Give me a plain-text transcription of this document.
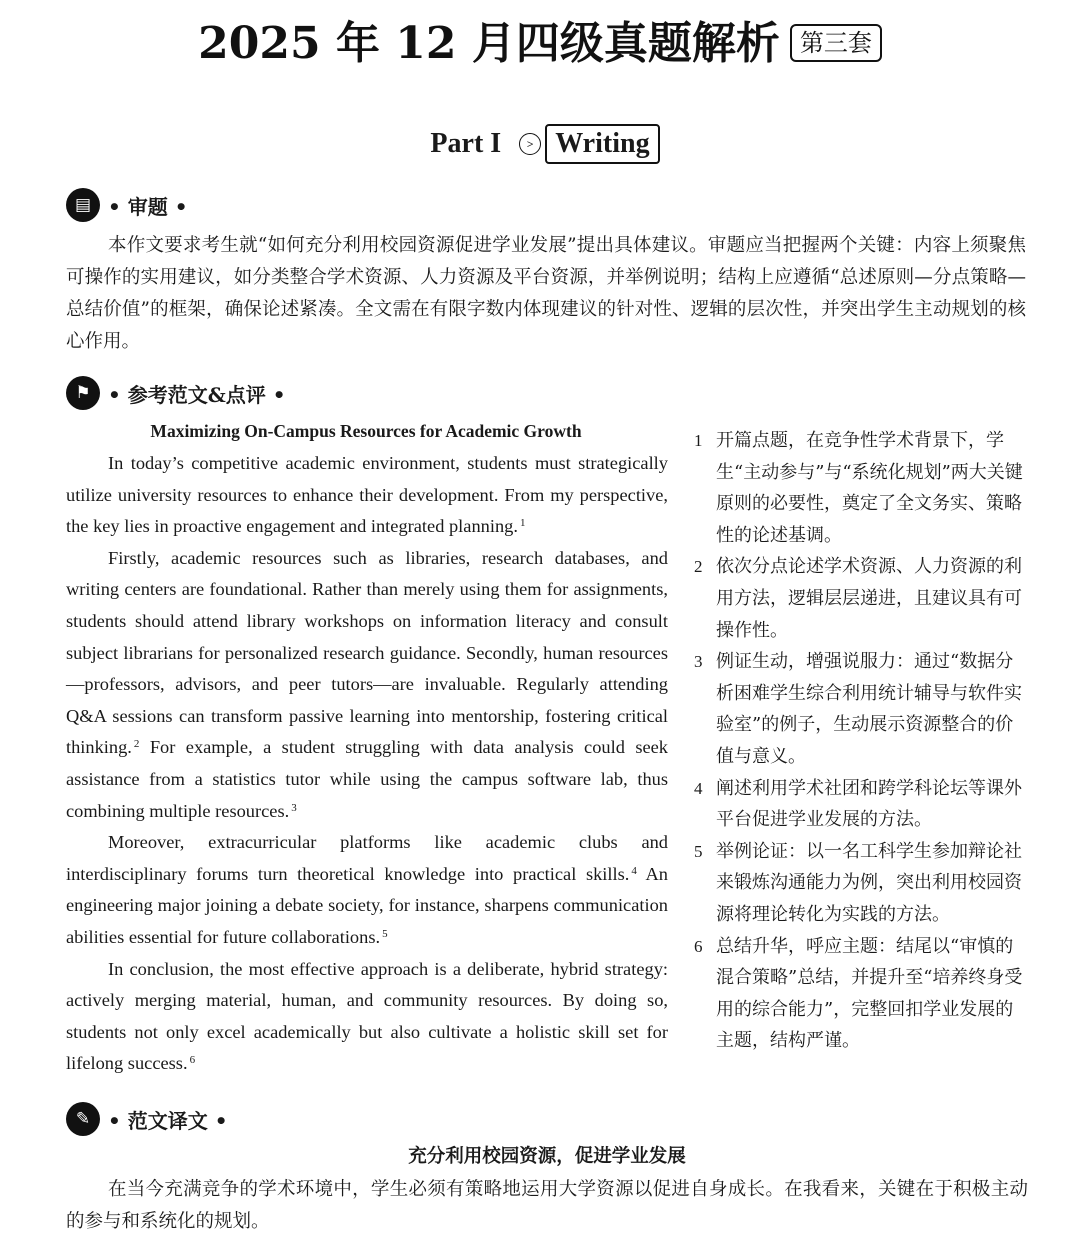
2025 年 12 月四级真题解析 第三套
Part I > Writing
▤ • 审题 •
本作文要求考生就“如何充分利用校园资源促进学业发展”提出具体建议。审题应当把握两个关键：内容上须聚焦可操作的实用建议，如分类整合学术资源、人力资源及平台资源，并举例说明；结构上应遵循“总述原则—分点策略—总结价值”的框架，确保论述紧凑。全文需在有限字数内体现建议的针对性、逻辑的层次性，并突出学生主动规划的核心作用。
⚑ • 参考范文&点评 •
Maximizing On-Campus Resources for Academic Growth

In today’s competitive academic environment, students must strategically utilize university resources to enhance their development. From my perspective, the key lies in proactive engagement and integrated planning. $^1$

Firstly, academic resources such as libraries, research databases, and writing centers are foundational. Rather than merely using them for assignments, students should attend library workshops on information literacy and consult subject librarians for personalized research guidance. Secondly, human resources—professors, advisors, and peer tutors—are invaluable. Regularly attending Q&A sessions can transform passive learning into mentorship, fostering critical thinking. $^2$ For example, a student struggling with data analysis could seek assistance from a statistics tutor while using the campus software lab, thus combining multiple resources. $^3$

Moreover, extracurricular platforms like academic clubs and interdisciplinary forums turn theoretical knowledge into practical skills. $^4$ An engineering major joining a debate society, for instance, sharpens communication abilities essential for future collaborations. $^5$

In conclusion, the most effective approach is a deliberate, hybrid strategy: actively merging material, human, and community resources. By doing so, students not only excel academically but also cultivate a holistic skill set for lifelong success. $^6$

1 开篇点题，在竞争性学术背景下，学生“主动参与”与“系统化规划”两大关键原则的必要性，奠定了全文务实、策略性的论述基调。
2 依次分点论述学术资源、人力资源的利用方法，逻辑层层递进，且建议具有可操作性。
3 例证生动，增强说服力：通过“数据分析困难学生综合利用统计辅导与软件实验室”的例子，生动展示资源整合的价值与意义。
4 阐述利用学术社团和跨学科论坛等课外平台促进学业发展的方法。
5 举例论证：以一名工科学生参加辩论社来锻炼沟通能力为例，突出利用校园资源将理论转化为实践的方法。
6 总结升华，呼应主题：结尾以“审慎的混合策略”总结，并提升至“培养终身受用的综合能力”，完整回扣学业发展的主题，结构严谨。
✎ • 范文译文 •
充分利用校园资源，促进学业发展
在当今充满竞争的学术环境中，学生必须有策略地运用大学资源以促进自身成长。在我看来，关键在于积极主动的参与和系统化的规划。
